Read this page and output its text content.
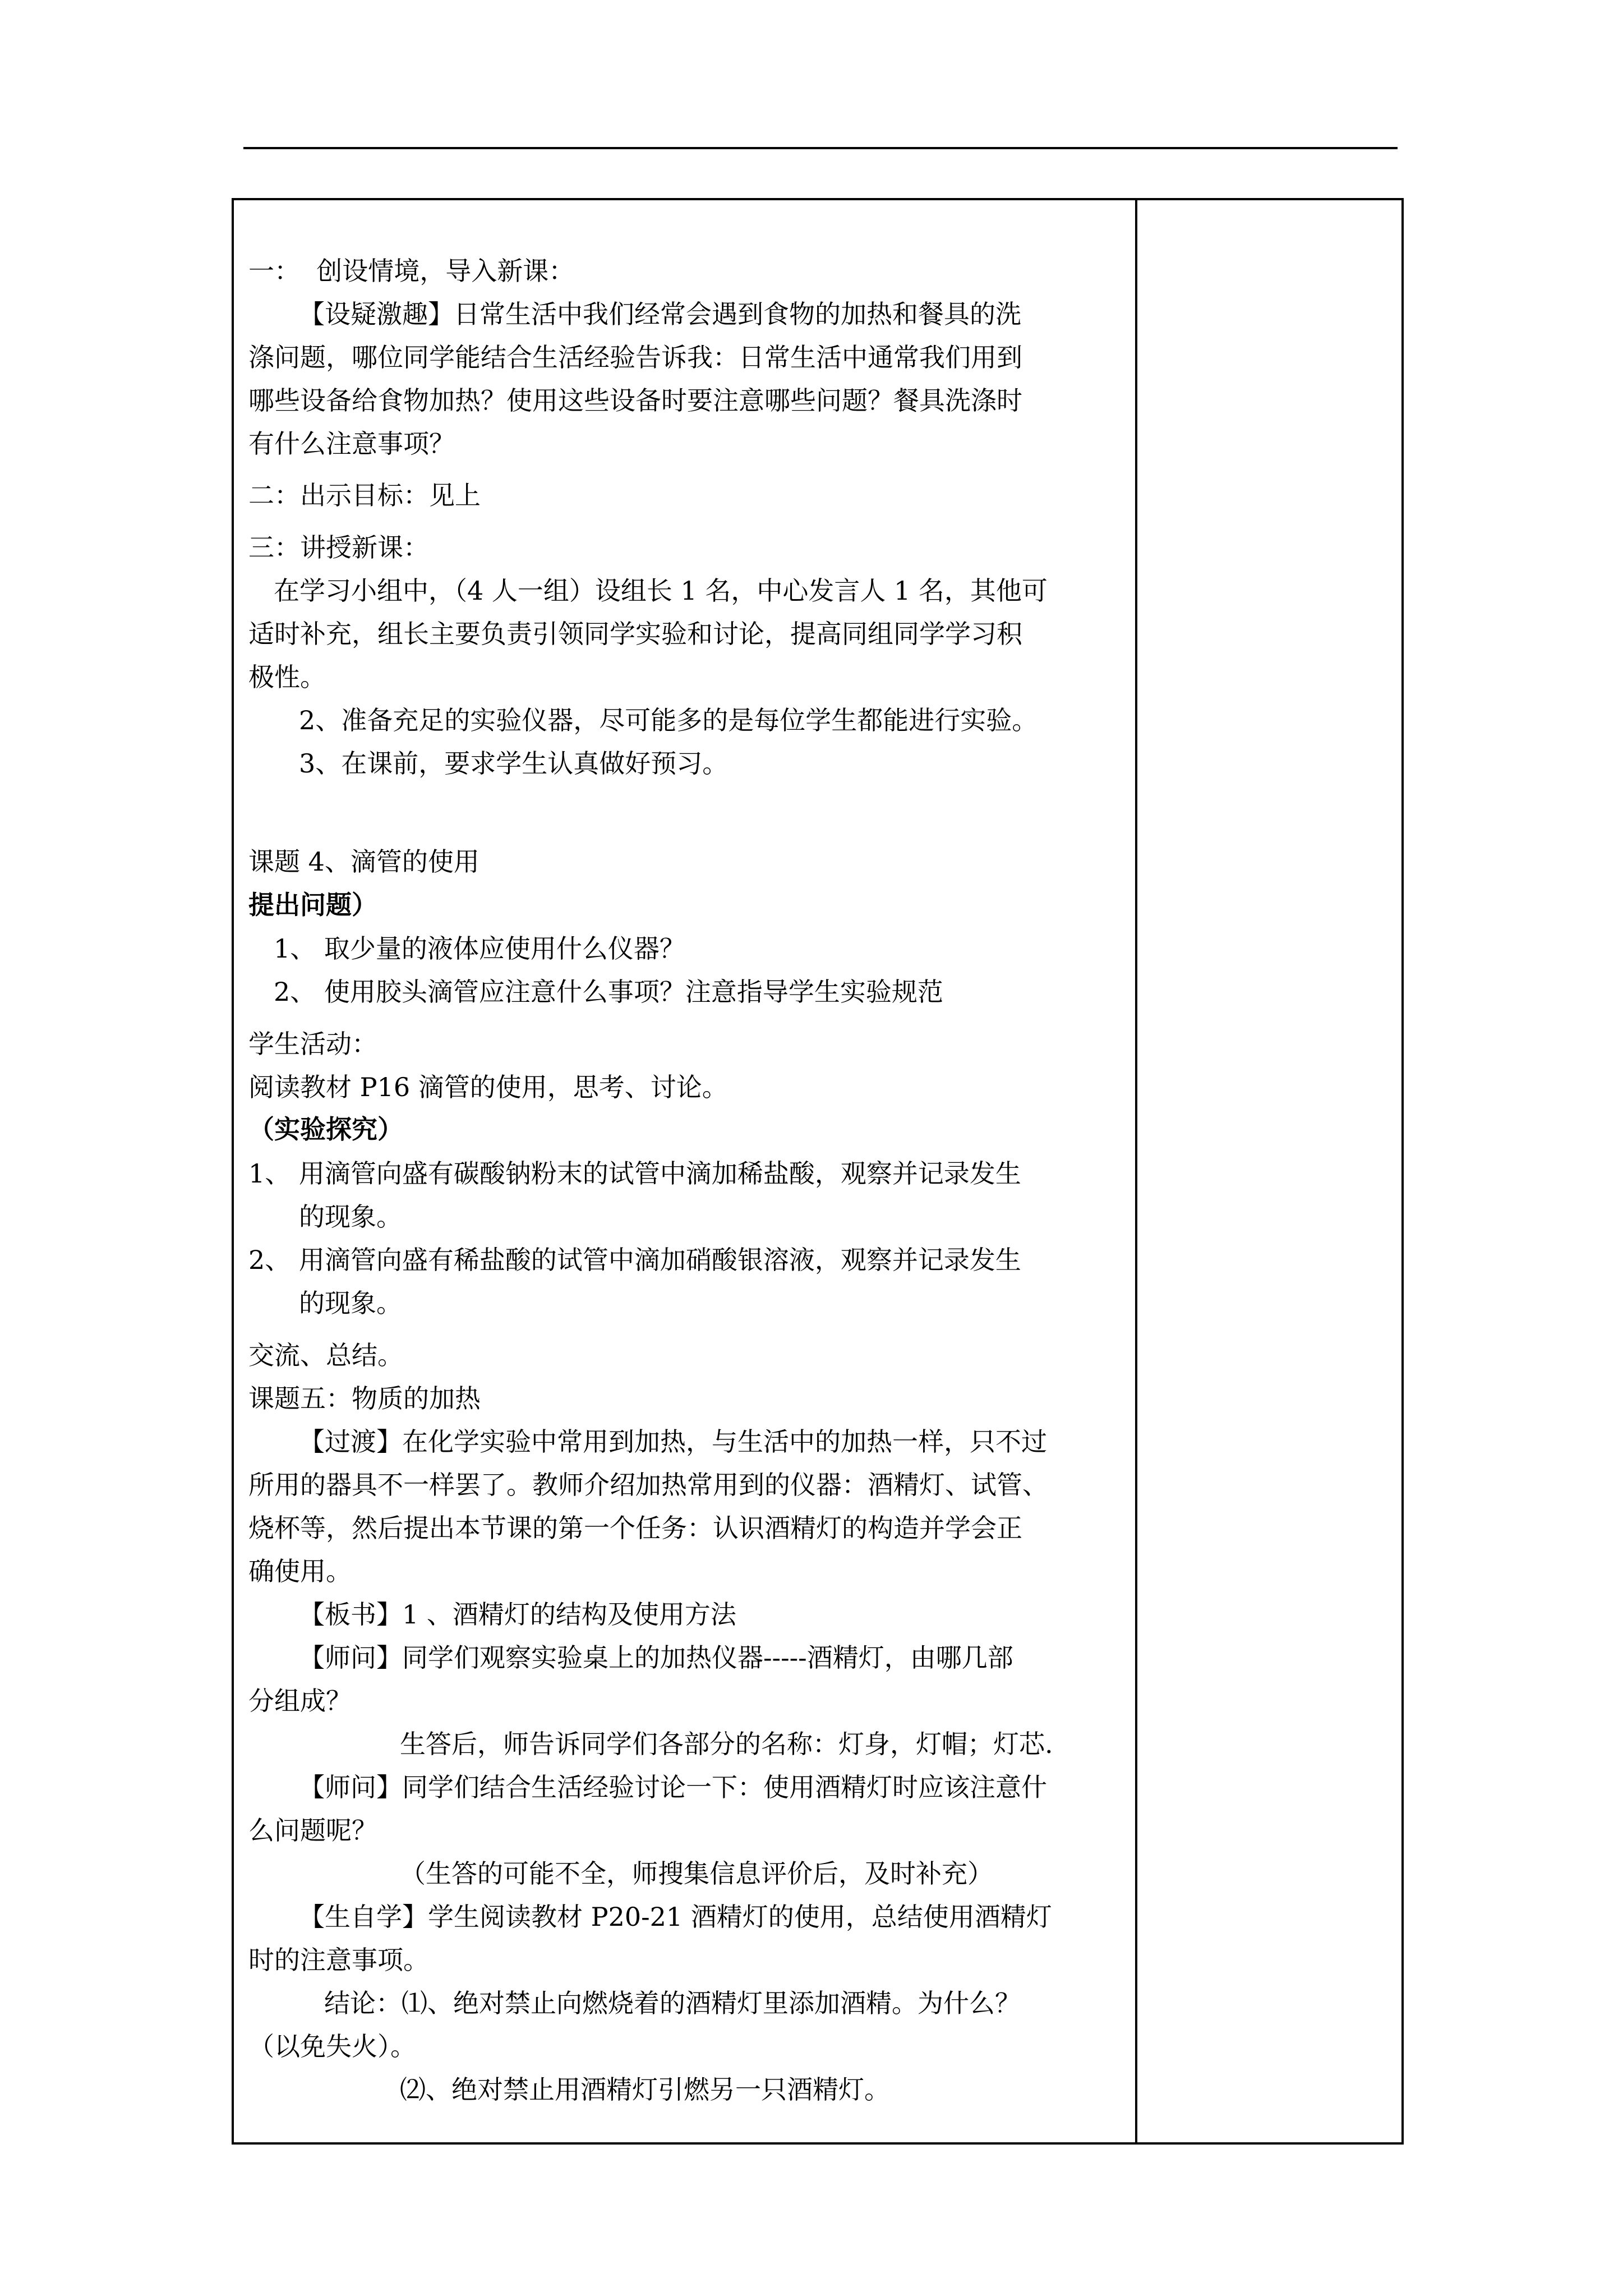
一：  创设情境，导入新课：
【设疑激趣】日常生活中我们经常会遇到食物的加热和餐具的洗
涤问题，哪位同学能结合生活经验告诉我：日常生活中通常我们用到
哪些设备给食物加热？使用这些设备时要注意哪些问题？餐具洗涤时
有什么注意事项？
二：出示目标：见上
三：讲授新课：
在学习小组中，（4 人一组）设组长 1 名，中心发言人 1 名，其他可
适时补充，组长主要负责引领同学实验和讨论，提高同组同学学习积
极性。
2、准备充足的实验仪器，尽可能多的是每位学生都能进行实验。
3、在课前，要求学生认真做好预习。
课题 4、滴管的使用
提出问题）
1、 取少量的液体应使用什么仪器？
2、 使用胶头滴管应注意什么事项？注意指导学生实验规范
学生活动：
阅读教材 P16 滴管的使用，思考、讨论。
（实验探究）
1、 用滴管向盛有碳酸钠粉末的试管中滴加稀盐酸，观察并记录发生
的现象。
2、 用滴管向盛有稀盐酸的试管中滴加硝酸银溶液，观察并记录发生
的现象。
交流、总结。
课题五：物质的加热
【过渡】在化学实验中常用到加热，与生活中的加热一样，只不过
所用的器具不一样罢了。教师介绍加热常用到的仪器：酒精灯、试管、
烧杯等，然后提出本节课的第一个任务：认识酒精灯的构造并学会正
确使用。
【板书】1 、酒精灯的结构及使用方法
【师问】同学们观察实验桌上的加热仪器-----酒精灯，由哪几部
分组成？
生答后，师告诉同学们各部分的名称：灯身，灯帽；灯芯.
【师问】同学们结合生活经验讨论一下：使用酒精灯时应该注意什
么问题呢？
（生答的可能不全，师搜集信息评价后，及时补充）
【生自学】学生阅读教材 P20-21 酒精灯的使用，总结使用酒精灯
时的注意事项。
结论：⑴、绝对禁止向燃烧着的酒精灯里添加酒精。为什么？
（以免失火）。
⑵、绝对禁止用酒精灯引燃另一只酒精灯。
